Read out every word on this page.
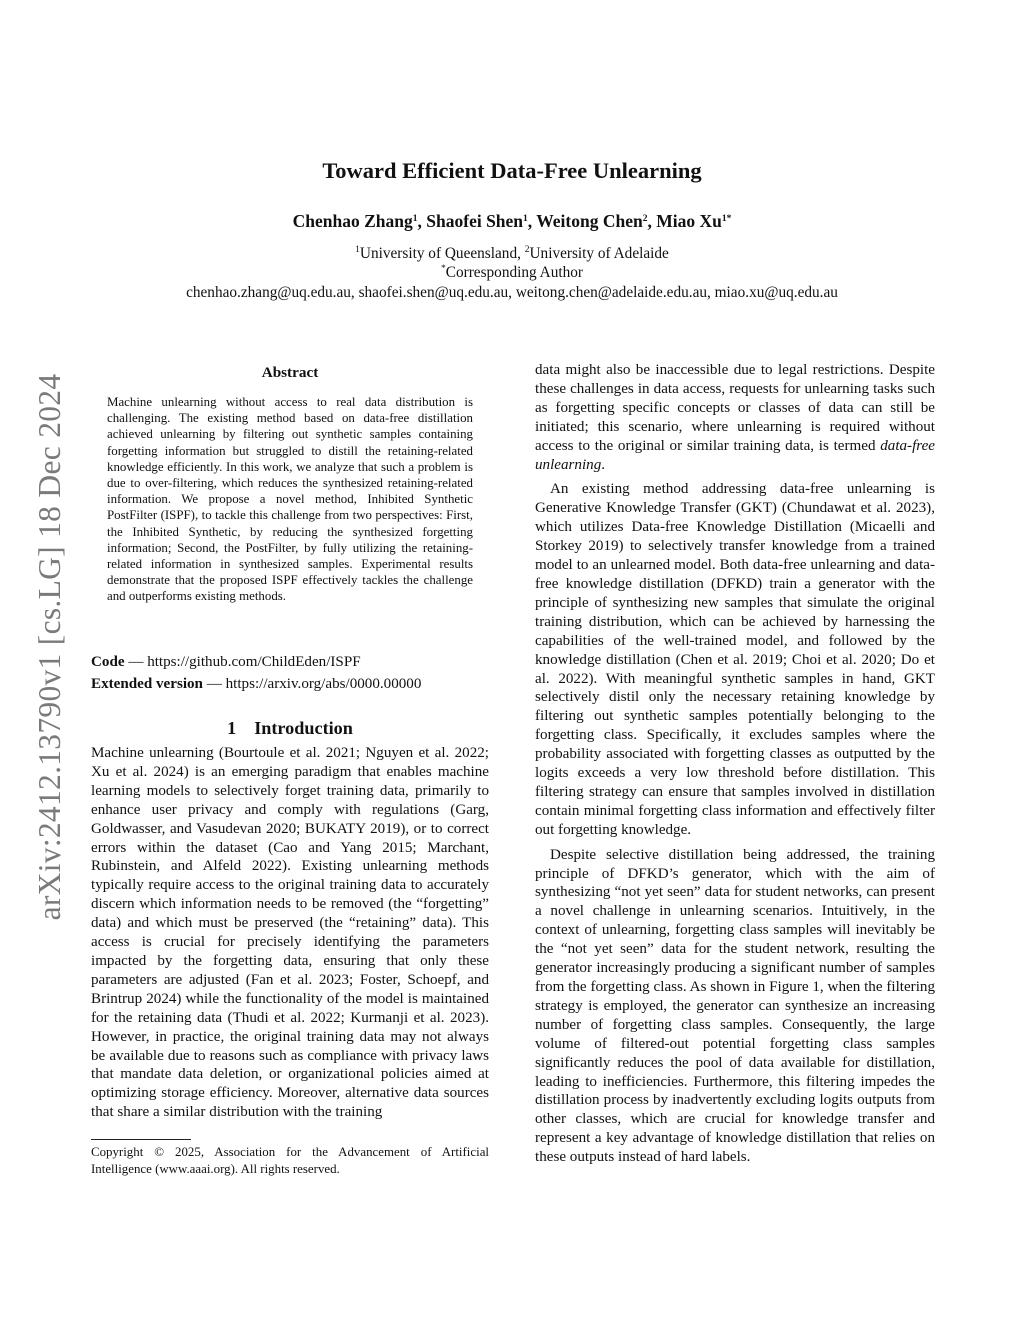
arXiv:2412.13790v1 [cs.LG] 18 Dec 2024
Toward Efficient Data-Free Unlearning
Chenhao Zhang$^1$, Shaofei Shen$^1$, Weitong Chen$^2$, Miao $Xu^{1*}$
$^1$University of Queensland, $^2$University of Adelaide
*Corresponding Author
chenhao.zhang@uq.edu.au, shaofei.shen@uq.edu.au, weitong.chen@adelaide.edu.au, miao.xu@uq.edu.au
Abstract
Machine unlearning without access to real data distribution is challenging. The existing method based on data-free distillation achieved unlearning by filtering out synthetic samples containing forgetting information but struggled to distill the retaining-related knowledge efficiently. In this work, we analyze that such a problem is due to over-filtering, which reduces the synthesized retaining-related information. We propose a novel method, Inhibited Synthetic PostFilter (ISPF), to tackle this challenge from two perspectives: First, the Inhibited Synthetic, by reducing the synthesized forgetting information; Second, the PostFilter, by fully utilizing the retaining-related information in synthesized samples. Experimental results demonstrate that the proposed ISPF effectively tackles the challenge and outperforms existing methods.
Code — https://github.com/ChildEden/ISPF
Extended version — https://arxiv.org/abs/0000.00000
1 Introduction

Machine unlearning (Bourtoule et al. 2021; Nguyen et al. 2022; Xu et al. 2024) is an emerging paradigm that enables machine learning models to selectively forget training data, primarily to enhance user privacy and comply with regulations (Garg, Goldwasser, and Vasudevan 2020; BUKATY 2019), or to correct errors within the dataset (Cao and Yang 2015; Marchant, Rubinstein, and Alfeld 2022). Existing unlearning methods typically require access to the original training data to accurately discern which information needs to be removed (the “forgetting” data) and which must be preserved (the “retaining” data). This access is crucial for precisely identifying the parameters impacted by the forgetting data, ensuring that only these parameters are adjusted (Fan et al. 2023; Foster, Schoepf, and Brintrup 2024) while the functionality of the model is maintained for the retaining data (Thudi et al. 2022; Kurmanji et al. 2023). However, in practice, the original training data may not always be available due to reasons such as compliance with privacy laws that mandate data deletion, or organizational policies aimed at optimizing storage efficiency. Moreover, alternative data sources that share a similar distribution with the training

Copyright © 2025, Association for the Advancement of Artificial Intelligence (www.aaai.org). All rights reserved.

data might also be inaccessible due to legal restrictions. Despite these challenges in data access, requests for unlearning tasks such as forgetting specific concepts or classes of data can still be initiated; this scenario, where unlearning is required without access to the original or similar training data, is termed data-free unlearning.

An existing method addressing data-free unlearning is Generative Knowledge Transfer (GKT) (Chundawat et al. 2023), which utilizes Data-free Knowledge Distillation (Micaelli and Storkey 2019) to selectively transfer knowledge from a trained model to an unlearned model. Both data-free unlearning and data-free knowledge distillation (DFKD) train a generator with the principle of synthesizing new samples that simulate the original training distribution, which can be achieved by harnessing the capabilities of the well-trained model, and followed by the knowledge distillation (Chen et al. 2019; Choi et al. 2020; Do et al. 2022). With meaningful synthetic samples in hand, GKT selectively distil only the necessary retaining knowledge by filtering out synthetic samples potentially belonging to the forgetting class. Specifically, it excludes samples where the probability associated with forgetting classes as outputted by the logits exceeds a very low threshold before distillation. This filtering strategy can ensure that samples involved in distillation contain minimal forgetting class information and effectively filter out forgetting knowledge.

Despite selective distillation being addressed, the training principle of DFKD’s generator, which with the aim of synthesizing “not yet seen” data for student networks, can present a novel challenge in unlearning scenarios. Intuitively, in the context of unlearning, forgetting class samples will inevitably be the “not yet seen” data for the student network, resulting the generator increasingly producing a significant number of samples from the forgetting class. As shown in Figure 1, when the filtering strategy is employed, the generator can synthesize an increasing number of forgetting class samples. Consequently, the large volume of filtered-out potential forgetting class samples significantly reduces the pool of data available for distillation, leading to inefficiencies. Furthermore, this filtering impedes the distillation process by inadvertently excluding logits outputs from other classes, which are crucial for knowledge transfer and represent a key advantage of knowledge distillation that relies on these outputs instead of hard labels.
